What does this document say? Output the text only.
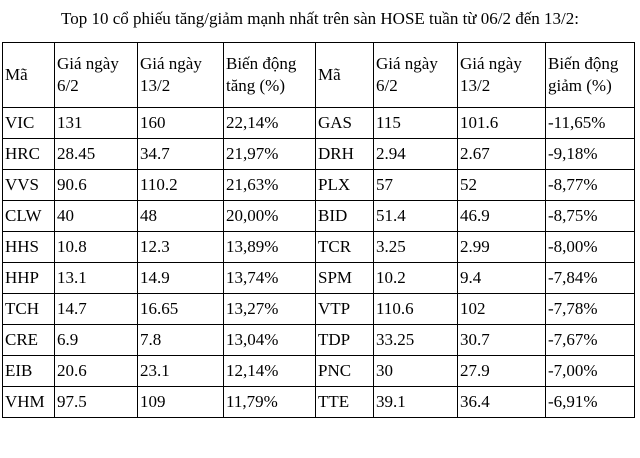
Top 10 cổ phiếu tăng/giảm mạnh nhất trên sàn HOSE tuần từ 06/2 đến 13/2:
Mã	Giá ngày 6/2	Giá ngày 13/2	Biến động tăng (%)	Mã	Giá ngày 6/2	Giá ngày 13/2	Biến động giảm (%)
VIC	131	160	22,14%	GAS	115	101.6	-11,65%
HRC	28.45	34.7	21,97%	DRH	2.94	2.67	-9,18%
VVS	90.6	110.2	21,63%	PLX	57	52	-8,77%
CLW	40	48	20,00%	BID	51.4	46.9	-8,75%
HHS	10.8	12.3	13,89%	TCR	3.25	2.99	-8,00%
HHP	13.1	14.9	13,74%	SPM	10.2	9.4	-7,84%
TCH	14.7	16.65	13,27%	VTP	110.6	102	-7,78%
CRE	6.9	7.8	13,04%	TDP	33.25	30.7	-7,67%
EIB	20.6	23.1	12,14%	PNC	30	27.9	-7,00%
VHM	97.5	109	11,79%	TTE	39.1	36.4	-6,91%
